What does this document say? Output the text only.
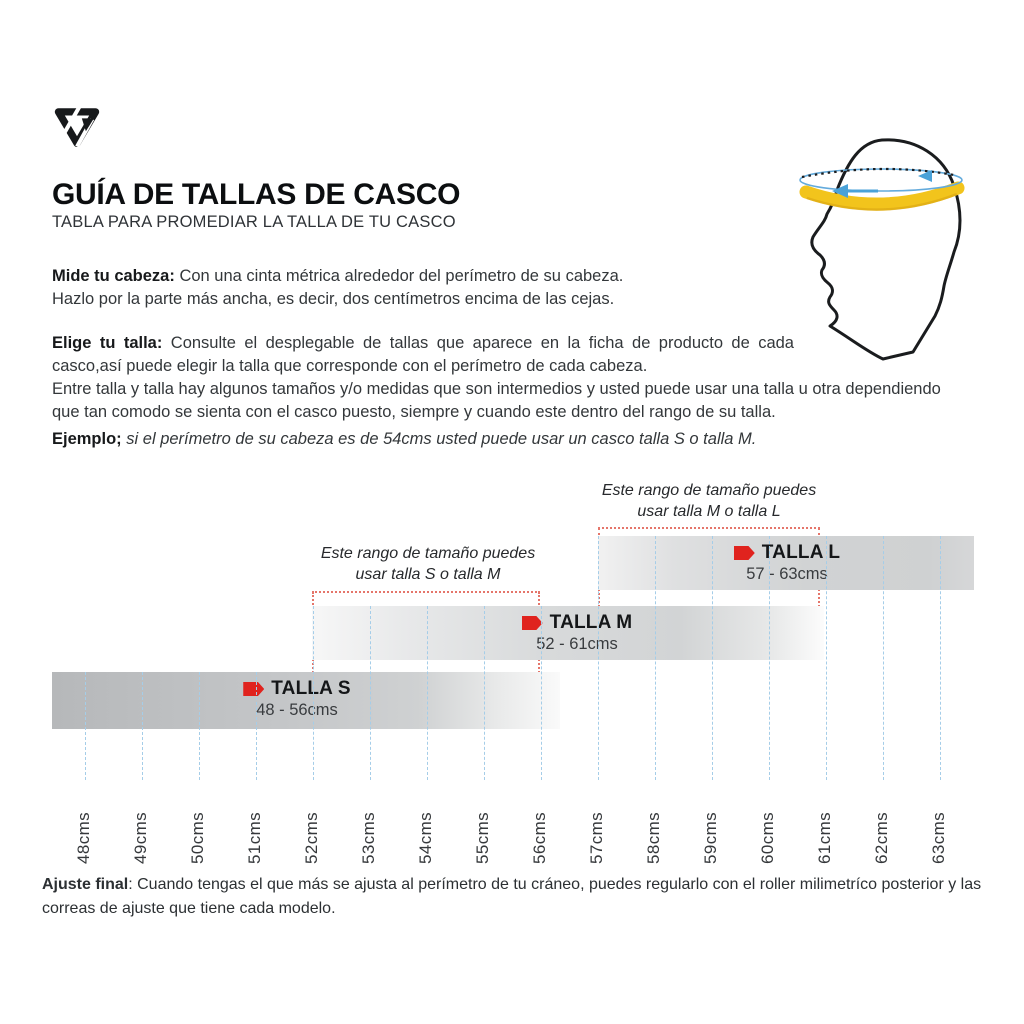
GUÍA DE TALLAS DE CASCO
TABLA PARA PROMEDIAR LA TALLA DE TU CASCO
Mide tu cabeza: Con una cinta métrica alrededor del perímetro de su cabeza.
Hazlo por la parte más ancha, es decir, dos centímetros encima de las cejas.
Elige tu talla: Consulte el desplegable de tallas que aparece en la ficha de producto de cada
casco,así puede elegir la talla que corresponde con el perímetro de cada cabeza.
Entre talla y talla hay algunos tamaños y/o medidas que son intermedios y usted puede usar una talla u otra dependiendo
que tan comodo se sienta con el casco puesto, siempre y cuando este dentro del rango de su talla.
Ejemplo; si el perímetro de su cabeza es de 54cms usted puede usar un casco talla S o talla M.
Este rango de tamaño puedes
usar talla M o talla L
Este rango de tamaño puedes
usar talla S o talla M
TALLA L
57 - 63cms
TALLA M
52 - 61cms
TALLA S
48 - 56cms
48cms 49cms 50cms 51cms 52cms 53cms 54cms 55cms 56cms 57cms 58cms 59cms 60cms 61cms 62cms 63cms
Ajuste final: Cuando tengas el que más se ajusta al perímetro de tu cráneo, puedes regularlo con el roller milimetríco posterior y las
correas de ajuste que tiene cada modelo.
